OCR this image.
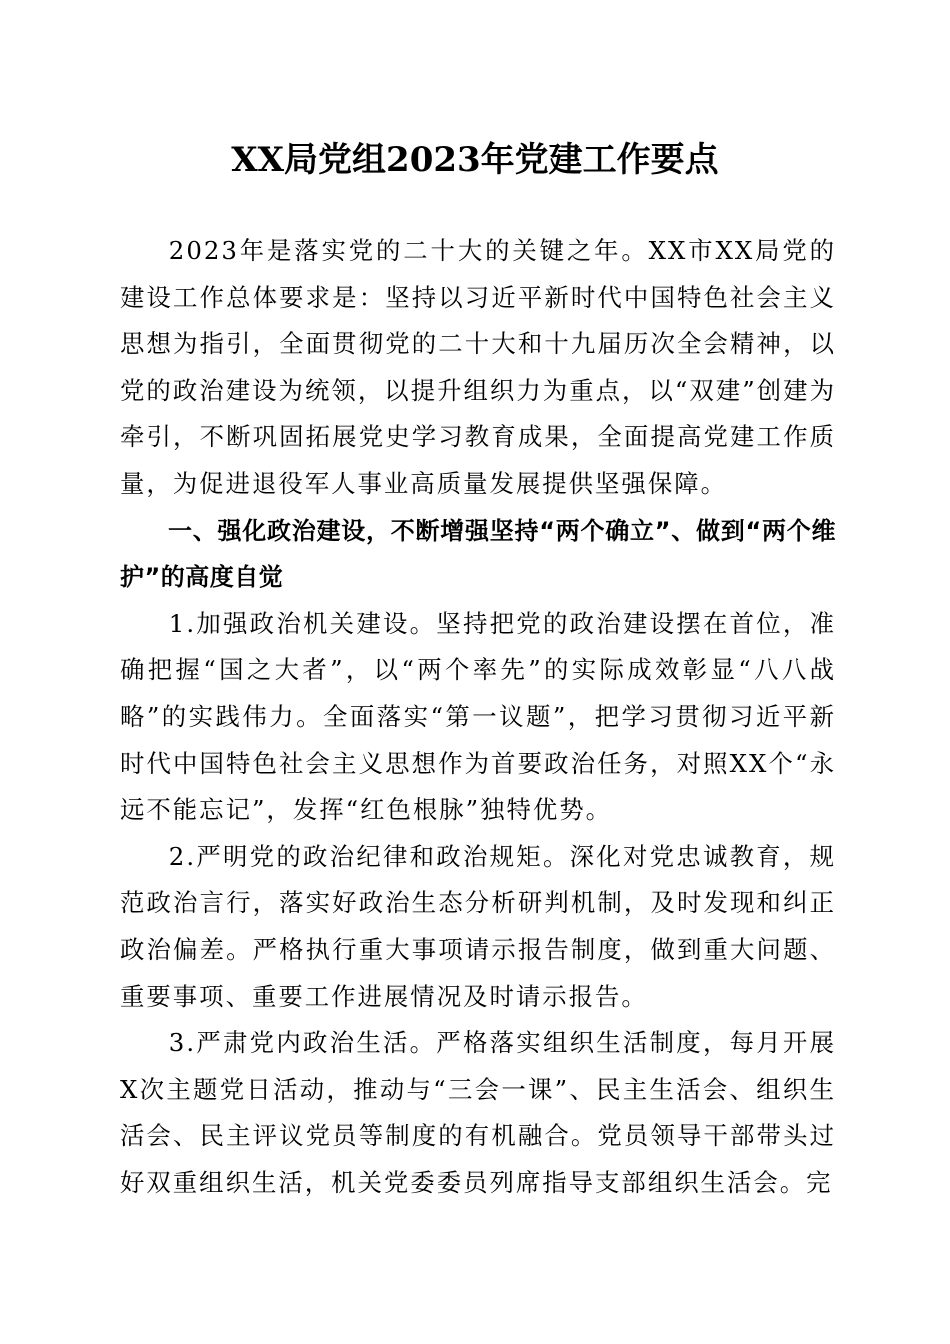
XX局党组2023年党建工作要点

2023年是落实党的二十大的关键之年。XX市XX局党的建设工作总体要求是：坚持以习近平新时代中国特色社会主义思想为指引，全面贯彻党的二十大和十九届历次全会精神，以党的政治建设为统领，以提升组织力为重点，以“双建”创建为牵引，不断巩固拓展党史学习教育成果，全面提高党建工作质量，为促进退役军人事业高质量发展提供坚强保障。

一、强化政治建设，不断增强坚持“两个确立”、做到“两个维护”的高度自觉

1.加强政治机关建设。坚持把党的政治建设摆在首位，准确把握“国之大者”，以“两个率先”的实际成效彰显“八八战略”的实践伟力。全面落实“第一议题”，把学习贯彻习近平新时代中国特色社会主义思想作为首要政治任务，对照XX个“永远不能忘记”，发挥“红色根脉”独特优势。

2.严明党的政治纪律和政治规矩。深化对党忠诚教育，规范政治言行，落实好政治生态分析研判机制，及时发现和纠正政治偏差。严格执行重大事项请示报告制度，做到重大问题、重要事项、重要工作进展情况及时请示报告。

3.严肃党内政治生活。严格落实组织生活制度，每月开展X次主题党日活动，推动与“三会一课”、民主生活会、组织生活会、民主评议党员等制度的有机融合。党员领导干部带头过好双重组织生活，机关党委委员列席指导支部组织生活会。完
